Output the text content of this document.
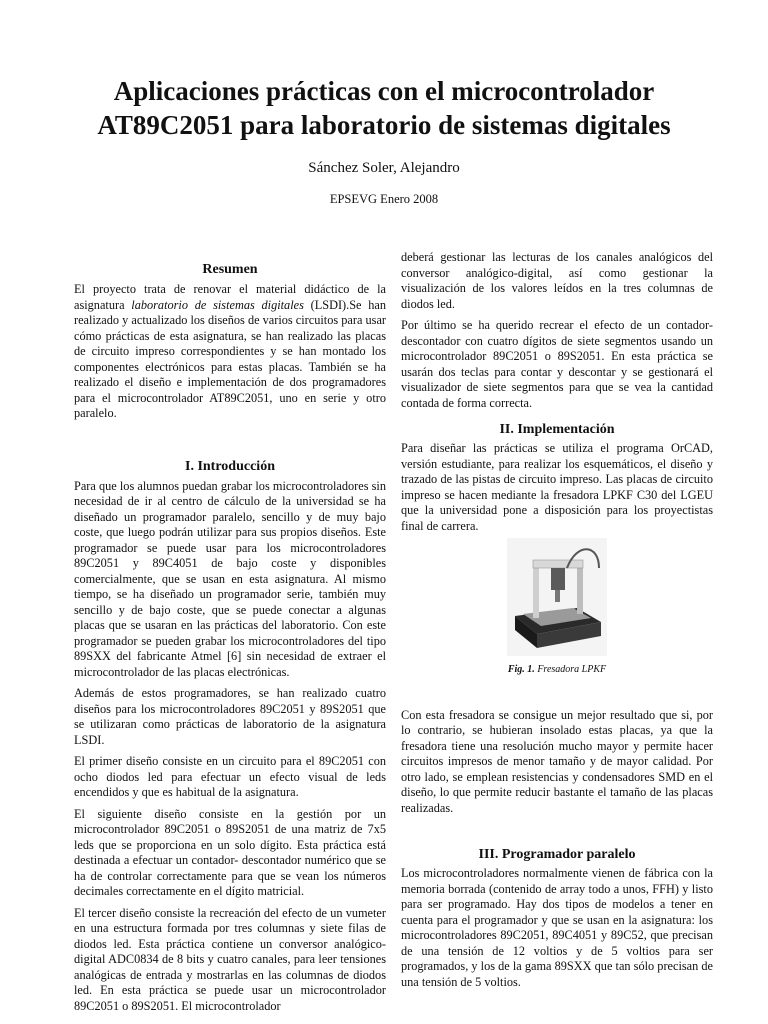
Aplicaciones prácticas con el microcontrolador
AT89C2051 para laboratorio de sistemas digitales
Sánchez Soler, Alejandro
EPSEVG Enero 2008
Resumen

El proyecto trata de renovar el material didáctico de la asignatura laboratorio de sistemas digitales (LSDI).Se han realizado y actualizado los diseños de varios circuitos para usar cómo prácticas de esta asignatura, se han realizado las placas de circuito impreso correspondientes y se han montado los componentes electrónicos para estas placas. También se ha realizado el diseño e implementación de dos programadores para el microcontrolador AT89C2051, uno en serie y otro paralelo.

I. Introducción

Para que los alumnos puedan grabar los microcontroladores sin necesidad de ir al centro de cálculo de la universidad se ha diseñado un programador paralelo, sencillo y de muy bajo coste, que luego podrán utilizar para sus propios diseños. Este programador se puede usar para los microcontroladores 89C2051 y 89C4051 de bajo coste y disponibles comercialmente, que se usan en esta asignatura. Al mismo tiempo, se ha diseñado un programador serie, también muy sencillo y de bajo coste, que se puede conectar a algunas placas que se usaran en las prácticas del laboratorio. Con este programador se pueden grabar los microcontroladores del tipo 89SXX del fabricante Atmel [6] sin necesidad de extraer el microcontrolador de las placas electrónicas.

Además de estos programadores, se han realizado cuatro diseños para los microcontroladores 89C2051 y 89S2051 que se utilizaran como prácticas de laboratorio de la asignatura LSDI.

El primer diseño consiste en un circuito para el 89C2051 con ocho diodos led para efectuar un efecto visual de leds encendidos y que es habitual de la asignatura.

El siguiente diseño consiste en la gestión por un microcontrolador 89C2051 o 89S2051 de una matriz de 7x5 leds que se proporciona en un solo dígito. Esta práctica está destinada a efectuar un contador- descontador numérico que se ha de controlar correctamente para que se vean los números decimales correctamente en el dígito matricial.

El tercer diseño consiste la recreación del efecto de un vumeter en una estructura formada por tres columnas y siete filas de diodos led. Esta práctica contiene un conversor analógico-digital ADC0834 de 8 bits y cuatro canales, para leer tensiones analógicas de entrada y mostrarlas en las columnas de diodos led. En esta práctica se puede usar un microcontrolador 89C2051 o 89S2051. El microcontrolador

deberá gestionar las lecturas de los canales analógicos del conversor analógico-digital, así como gestionar la visualización de los valores leídos en la tres columnas de diodos led.

Por último se ha querido recrear el efecto de un contador-descontador con cuatro dígitos de siete segmentos usando un microcontrolador 89C2051 o 89S2051. En esta práctica se usarán dos teclas para contar y descontar y se gestionará el visualizador de siete segmentos para que se vea la cantidad contada de forma correcta.

II. Implementación

Para diseñar las prácticas se utiliza el programa OrCAD, versión estudiante, para realizar los esquemáticos, el diseño y trazado de las pistas de circuito impreso. Las placas de circuito impreso se hacen mediante la fresadora LPKF C30 del LGEU que la universidad pone a disposición para los proyectistas final de carrera.

Fig. 1. Fresadora LPKF

Con esta fresadora se consigue un mejor resultado que si, por lo contrario, se hubieran insolado estas placas, ya que la fresadora tiene una resolución mucho mayor y permite hacer circuitos impresos de menor tamaño y de mayor calidad. Por otro lado, se emplean resistencias y condensadores SMD en el diseño, lo que permite reducir bastante el tamaño de las placas realizadas.

III. Programador paralelo

Los microcontroladores normalmente vienen de fábrica con la memoria borrada (contenido de array todo a unos, FFH) y listo para ser programado. Hay dos tipos de modelos a tener en cuenta para el programador y que se usan en la asignatura: los microcontroladores 89C2051, 89C4051 y 89C52, que precisan de una tensión de 12 voltios y de 5 voltios para ser programados, y los de la gama 89SXX que tan sólo precisan de una tensión de 5 voltios.
